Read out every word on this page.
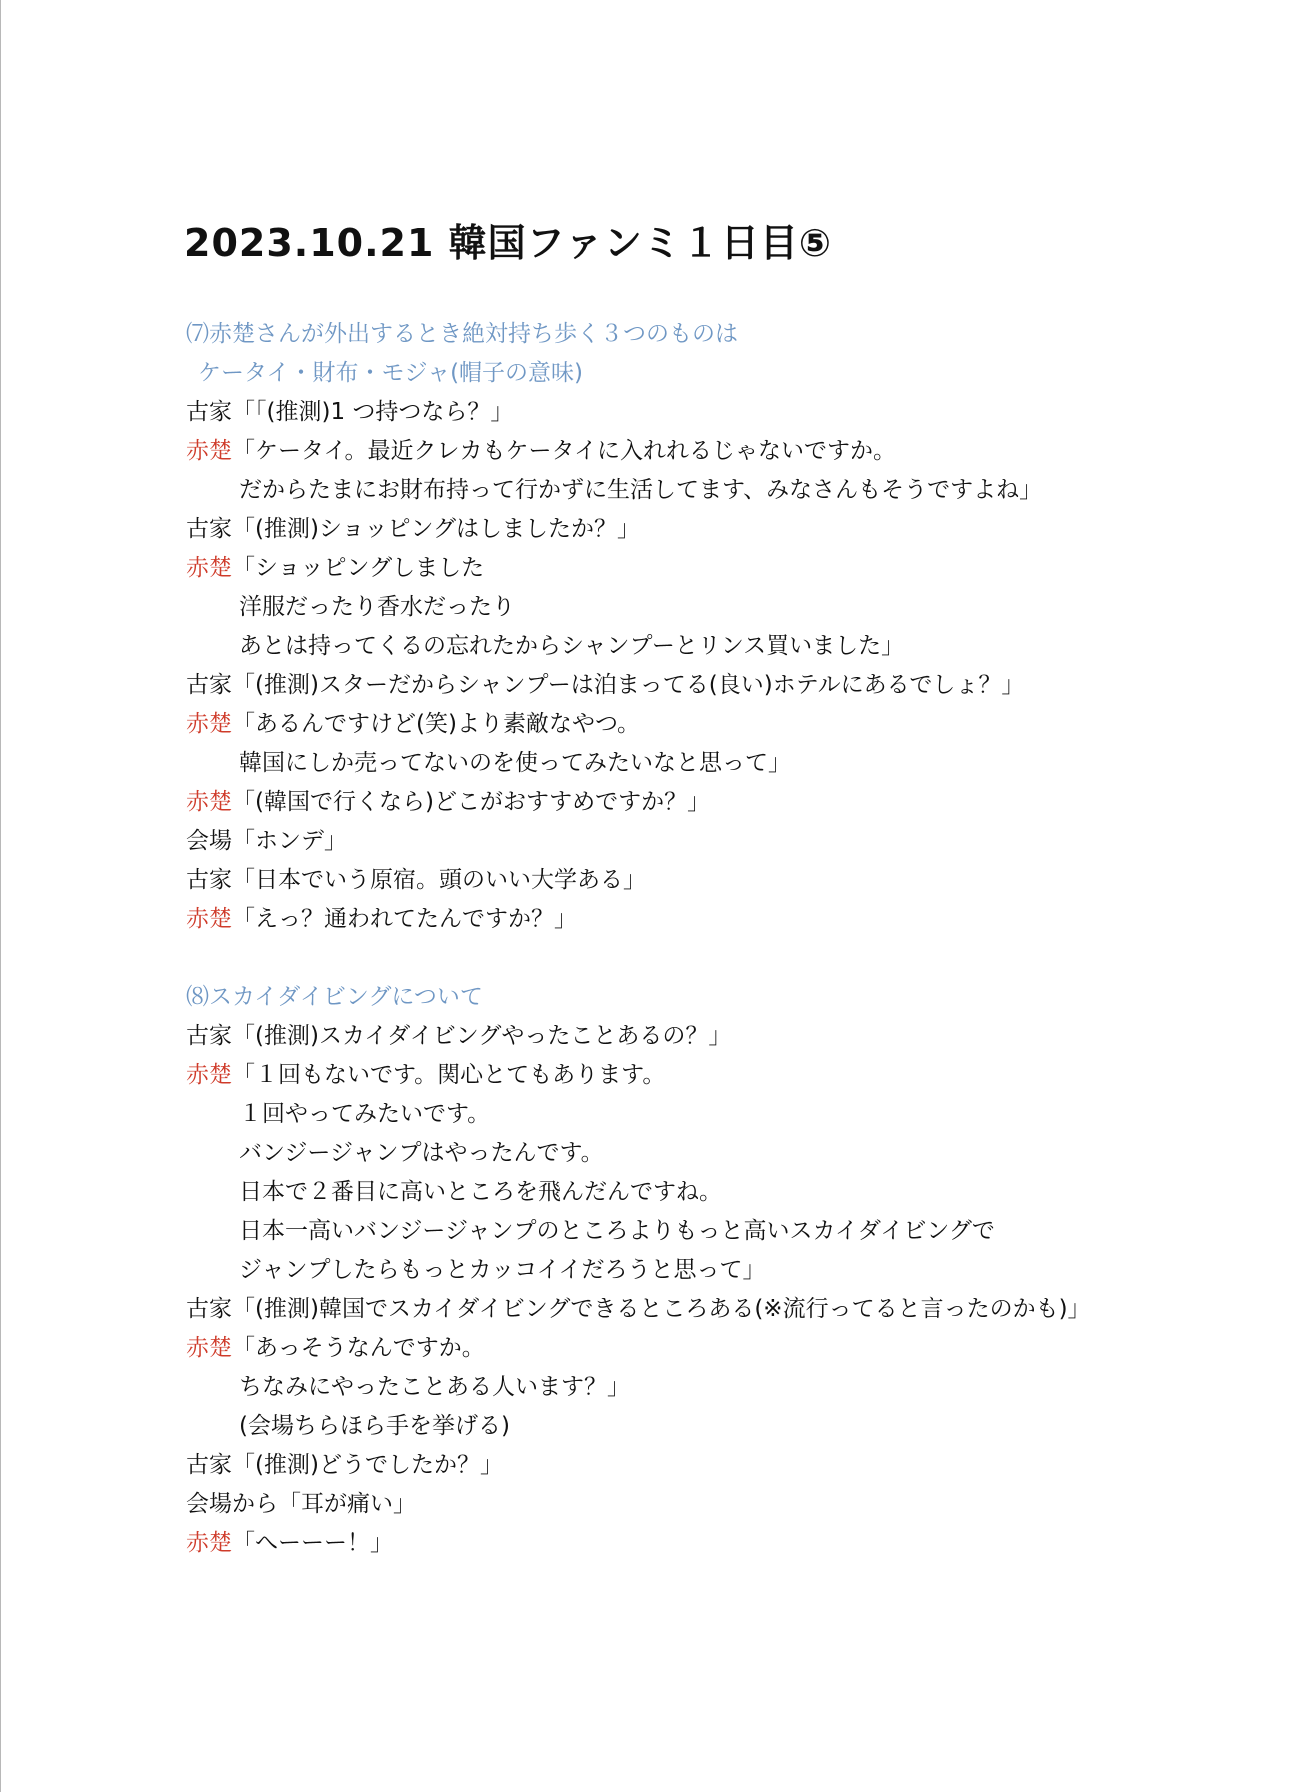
2023.10.21 韓国ファンミ１日目⑤
⑺赤楚さんが外出するとき絶対持ち歩く３つのものは
ケータイ・財布・モジャ(帽子の意味)
古家「「(推測)1 つ持つなら？」
赤楚「ケータイ。最近クレカもケータイに入れれるじゃないですか。
だからたまにお財布持って行かずに生活してます、みなさんもそうですよね」
古家「(推測)ショッピングはしましたか？」
赤楚「ショッピングしました
洋服だったり香水だったり
あとは持ってくるの忘れたからシャンプーとリンス買いました」
古家「(推測)スターだからシャンプーは泊まってる(良い)ホテルにあるでしょ？」
赤楚「あるんですけど(笑)より素敵なやつ。
韓国にしか売ってないのを使ってみたいなと思って」
赤楚「(韓国で行くなら)どこがおすすめですか？」
会場「ホンデ」
古家「日本でいう原宿。頭のいい大学ある」
赤楚「えっ？通われてたんですか？」
⑻スカイダイビングについて
古家「(推測)スカイダイビングやったことあるの？」
赤楚「１回もないです。関心とてもあります。
１回やってみたいです。
バンジージャンプはやったんです。
日本で２番目に高いところを飛んだんですね。
日本一高いバンジージャンプのところよりもっと高いスカイダイビングで
ジャンプしたらもっとカッコイイだろうと思って」
古家「(推測)韓国でスカイダイビングできるところある(※流行ってると言ったのかも)」
赤楚「あっそうなんですか。
ちなみにやったことある人います？」
(会場ちらほら手を挙げる)
古家「(推測)どうでしたか？」
会場から「耳が痛い」
赤楚「へーーー！」
